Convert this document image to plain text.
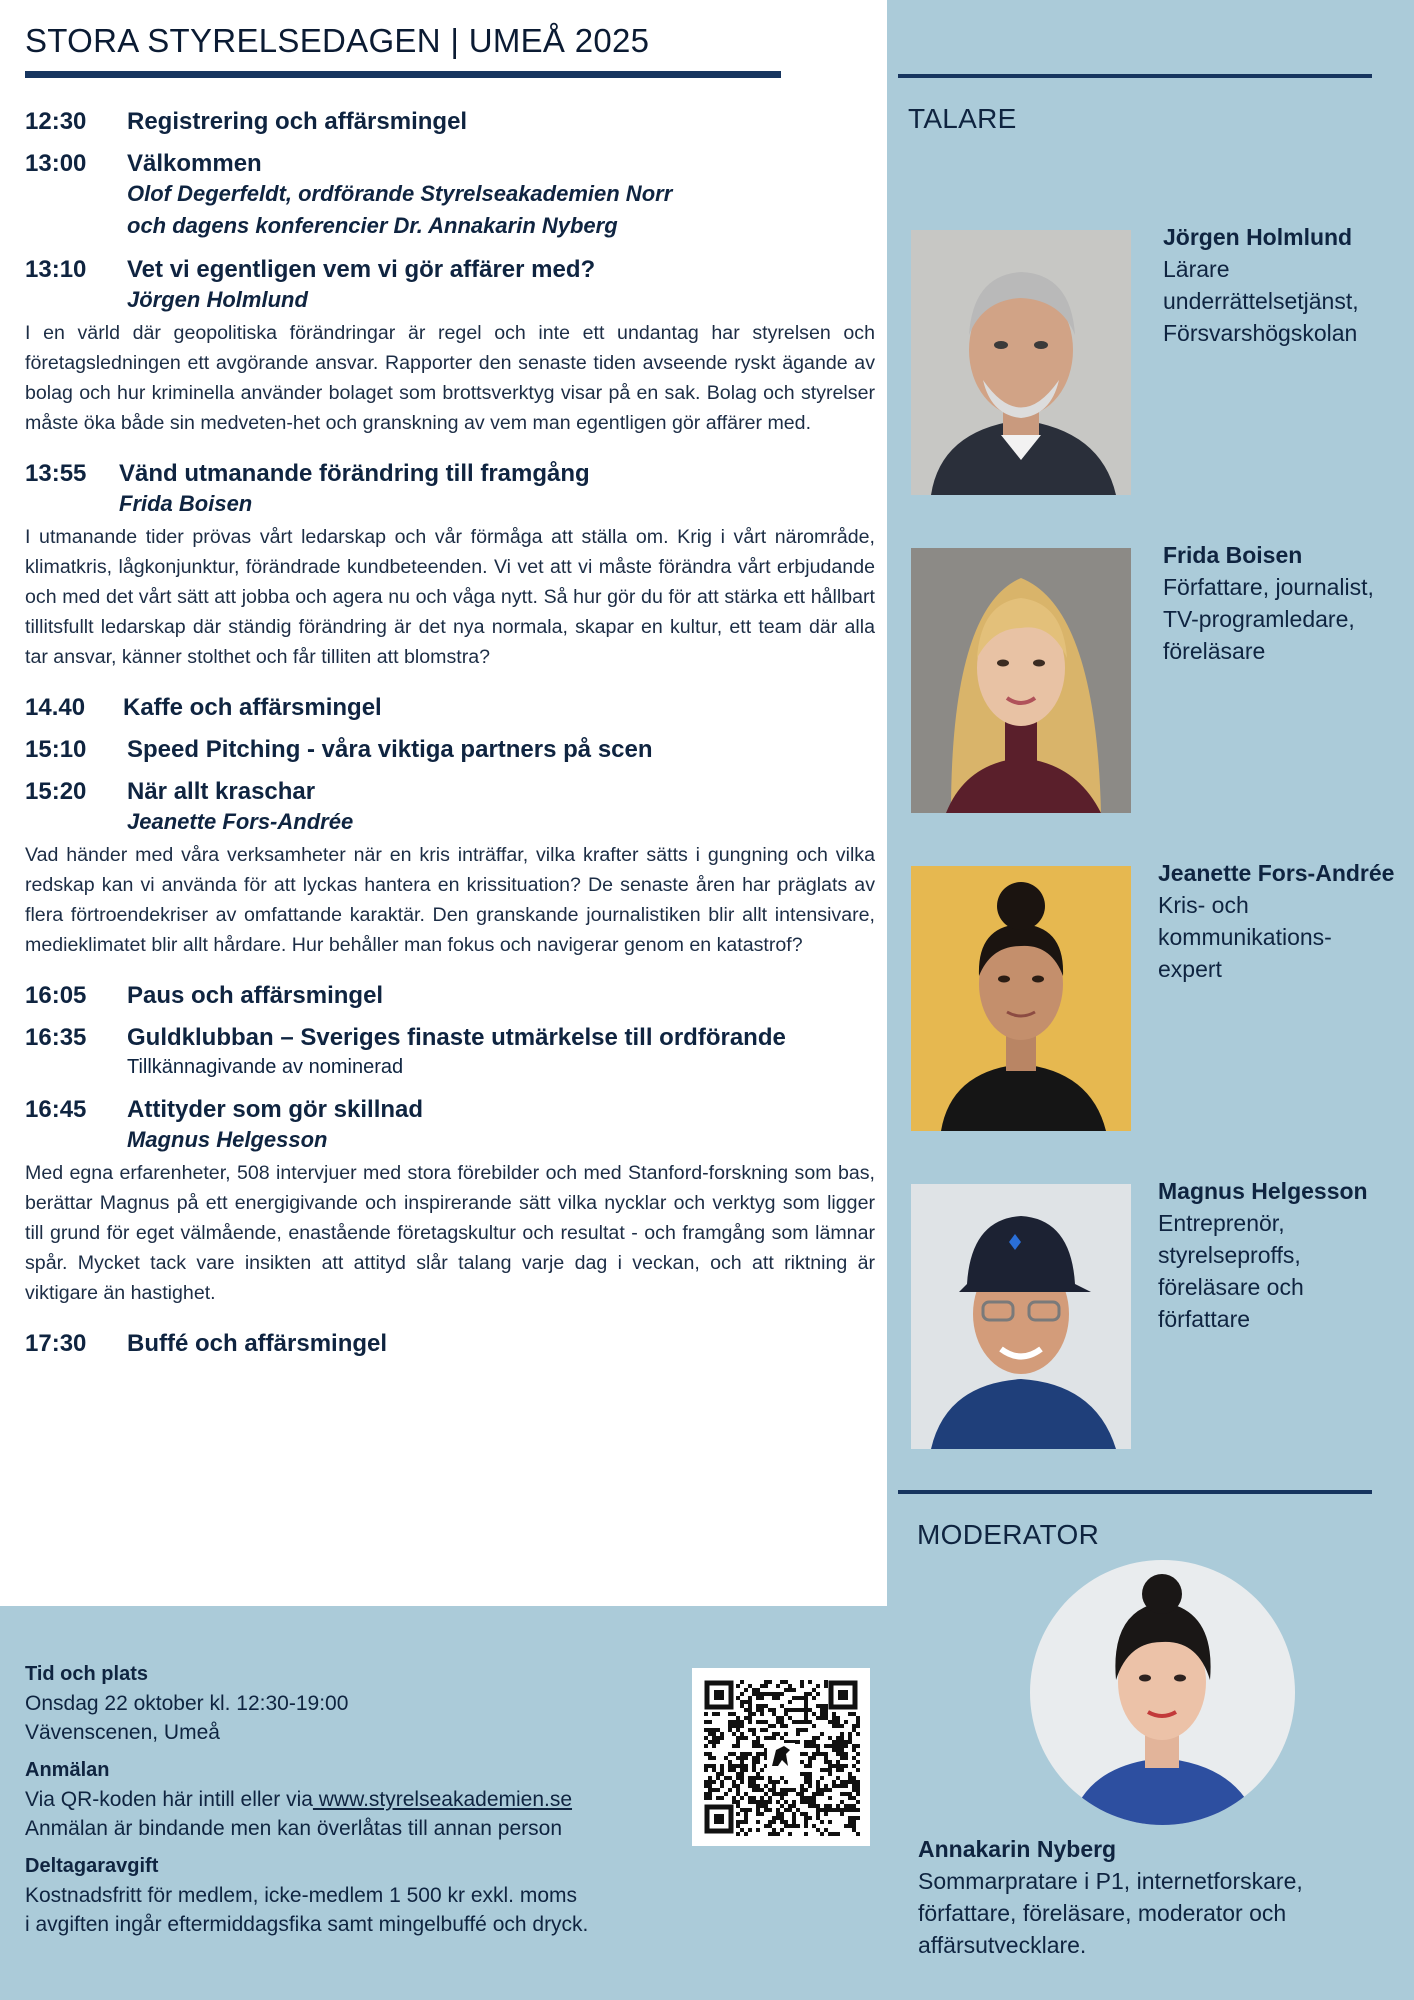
STORA STYRELSEDAGEN | UMEÅ 2025
12:30	Registrering och affärsmingel
13:00	Välkommen
Olof Degerfeldt, ordförande Styrelseakademien Norr
och dagens konferencier Dr. Annakarin Nyberg
13:10	Vet vi egentligen vem vi gör affärer med?
Jörgen Holmlund
I en värld där geopolitiska förändringar är regel och inte ett undantag har styrelsen och företagsledningen ett avgörande ansvar. Rapporter den senaste tiden avseende ryskt ägande av bolag och hur kriminella använder bolaget som brottsverktyg visar på en sak. Bolag och styrelser måste öka både sin medveten-het och granskning av vem man egentligen gör affärer med.
13:55	Vänd utmanande förändring till framgång
Frida Boisen
I utmanande tider prövas vårt ledarskap och vår förmåga att ställa om. Krig i vårt närområde, klimatkris, lågkonjunktur, förändrade kundbeteenden. Vi vet att vi måste förändra vårt erbjudande och med det vårt sätt att jobba och agera nu och våga nytt. Så hur gör du för att stärka ett hållbart tillitsfullt ledarskap där ständig förändring är det nya normala, skapar en kultur, ett team där alla tar ansvar, känner stolthet och får tilliten att blomstra?
14.40	Kaffe och affärsmingel
15:10	Speed Pitching - våra viktiga partners på scen
15:20	När allt kraschar
Jeanette Fors-Andrée
Vad händer med våra verksamheter när en kris inträffar, vilka krafter sätts i gungning och vilka redskap kan vi använda för att lyckas hantera en krissituation? De senaste åren har präglats av flera förtroendekriser av omfattande karaktär. Den granskande journalistiken blir allt intensivare, medieklimatet blir allt hårdare. Hur behåller man fokus och navigerar genom en katastrof?
16:05	Paus och affärsmingel
16:35	Guldklubban – Sveriges finaste utmärkelse till ordförande
Tillkännagivande av nominerad
16:45	Attityder som gör skillnad
Magnus Helgesson
Med egna erfarenheter, 508 intervjuer med stora förebilder och med Stanford-forskning som bas, berättar Magnus på ett energigivande och inspirerande sätt vilka nycklar och verktyg som ligger till grund för eget välmående, enastående företagskultur och resultat - och framgång som lämnar spår. Mycket tack vare insikten att attityd slår talang varje dag i veckan, och att riktning är viktigare än hastighet.
17:30	Buffé och affärsmingel
TALARE
Jörgen Holmlund
Lärare
underrättelsetjänst,
Försvarshögskolan
Frida Boisen
Författare, journalist,
TV-programledare,
föreläsare
Jeanette Fors-Andrée
Kris- och
kommunikations-
expert
Magnus Helgesson
Entreprenör,
styrelseproffs,
föreläsare och
författare
MODERATOR
Annakarin Nyberg
Sommarpratare i P1, internetforskare,
författare, föreläsare, moderator och
affärsutvecklare.
Tid och plats
Onsdag 22 oktober kl. 12:30-19:00
Vävenscenen, Umeå
Anmälan
Via QR-koden här intill eller via www.styrelseakademien.se
Anmälan är bindande men kan överlåtas till annan person
Deltagaravgift
Kostnadsfritt för medlem, icke-medlem 1 500 kr exkl. moms
i avgiften ingår eftermiddagsfika samt mingelbuffé och dryck.
